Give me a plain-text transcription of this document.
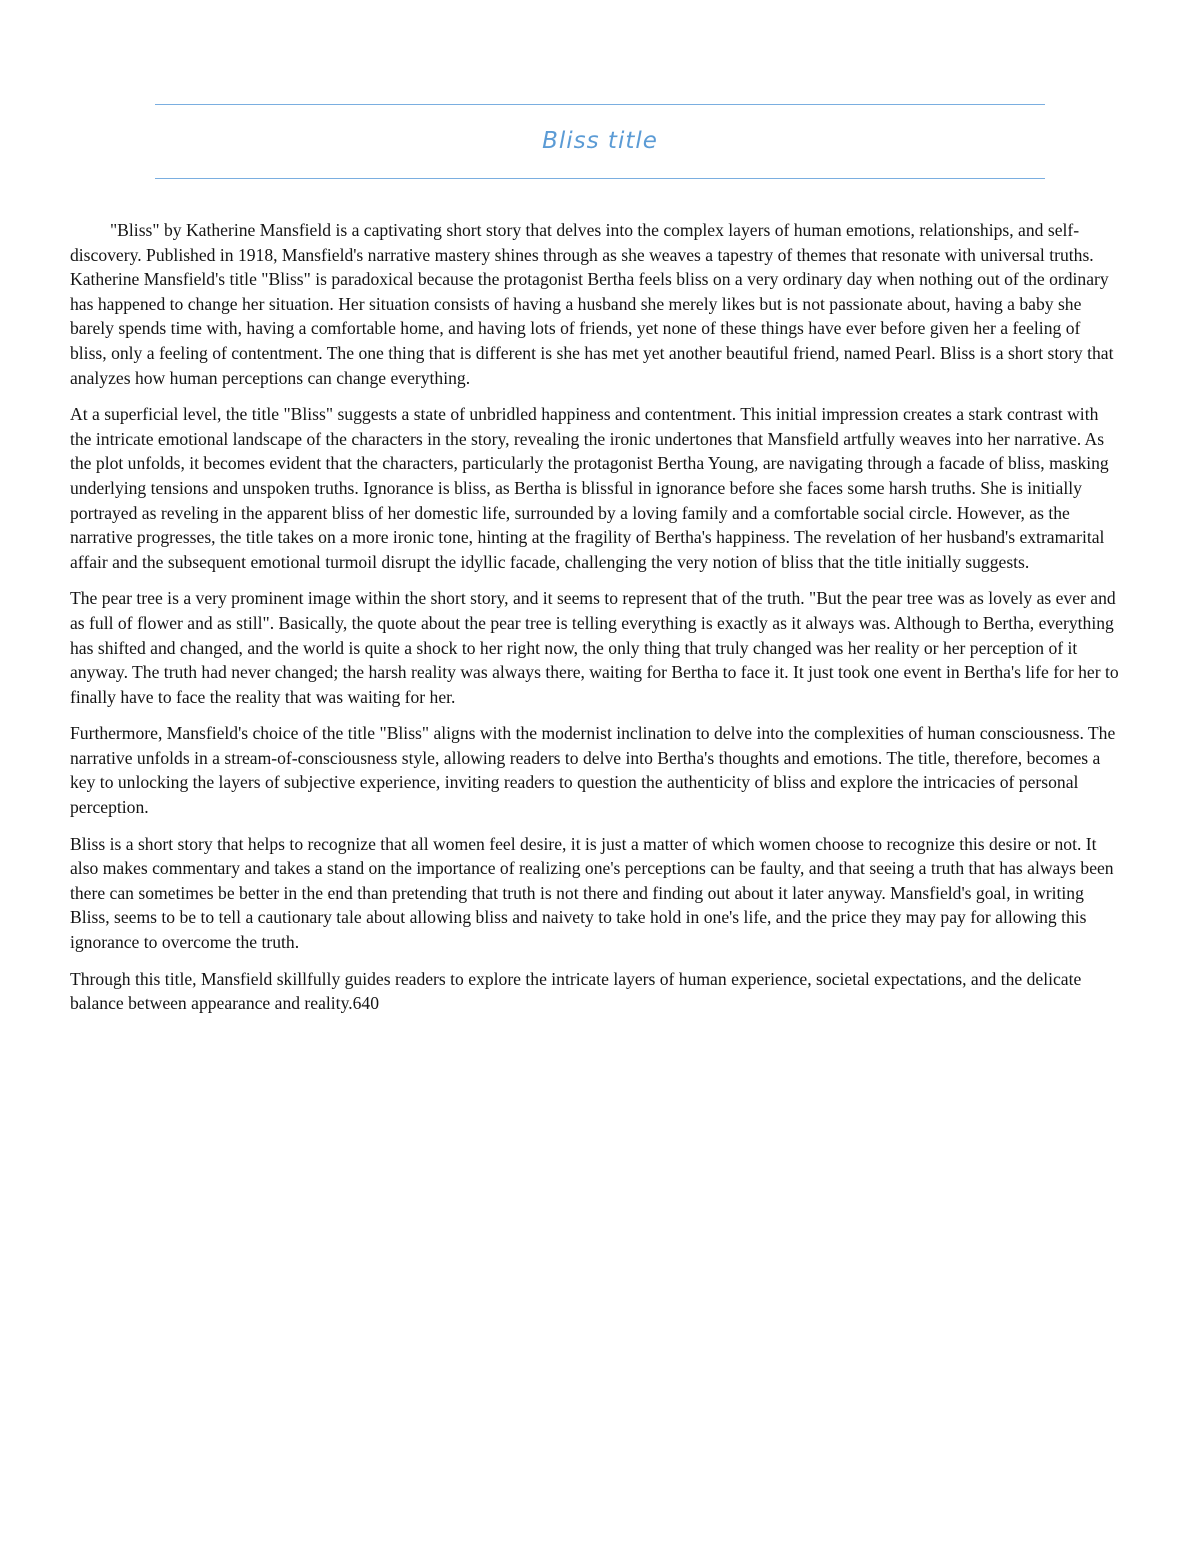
Bliss title

"Bliss" by Katherine Mansfield is a captivating short story that delves into the complex layers of human emotions, relationships, and self-discovery. Published in 1918, Mansfield's narrative mastery shines through as she weaves a tapestry of themes that resonate with universal truths. Katherine Mansfield's title "Bliss" is paradoxical because the protagonist Bertha feels bliss on a very ordinary day when nothing out of the ordinary has happened to change her situation. Her situation consists of having a husband she merely likes but is not passionate about, having a baby she barely spends time with, having a comfortable home, and having lots of friends, yet none of these things have ever before given her a feeling of bliss, only a feeling of contentment. The one thing that is different is she has met yet another beautiful friend, named Pearl. Bliss is a short story that analyzes how human perceptions can change everything.

At a superficial level, the title "Bliss" suggests a state of unbridled happiness and contentment. This initial impression creates a stark contrast with the intricate emotional landscape of the characters in the story, revealing the ironic undertones that Mansfield artfully weaves into her narrative. As the plot unfolds, it becomes evident that the characters, particularly the protagonist Bertha Young, are navigating through a facade of bliss, masking underlying tensions and unspoken truths. Ignorance is bliss, as Bertha is blissful in ignorance before she faces some harsh truths. She is initially portrayed as reveling in the apparent bliss of her domestic life, surrounded by a loving family and a comfortable social circle. However, as the narrative progresses, the title takes on a more ironic tone, hinting at the fragility of Bertha's happiness. The revelation of her husband's extramarital affair and the subsequent emotional turmoil disrupt the idyllic facade, challenging the very notion of bliss that the title initially suggests.

The pear tree is a very prominent image within the short story, and it seems to represent that of the truth. "But the pear tree was as lovely as ever and as full of flower and as still". Basically, the quote about the pear tree is telling everything is exactly as it always was. Although to Bertha, everything has shifted and changed, and the world is quite a shock to her right now, the only thing that truly changed was her reality or her perception of it anyway. The truth had never changed; the harsh reality was always there, waiting for Bertha to face it. It just took one event in Bertha's life for her to finally have to face the reality that was waiting for her.

Furthermore, Mansfield's choice of the title "Bliss" aligns with the modernist inclination to delve into the complexities of human consciousness. The narrative unfolds in a stream-of-consciousness style, allowing readers to delve into Bertha's thoughts and emotions. The title, therefore, becomes a key to unlocking the layers of subjective experience, inviting readers to question the authenticity of bliss and explore the intricacies of personal perception.

Bliss is a short story that helps to recognize that all women feel desire, it is just a matter of which women choose to recognize this desire or not. It also makes commentary and takes a stand on the importance of realizing one's perceptions can be faulty, and that seeing a truth that has always been there can sometimes be better in the end than pretending that truth is not there and finding out about it later anyway. Mansfield's goal, in writing Bliss, seems to be to tell a cautionary tale about allowing bliss and naivety to take hold in one's life, and the price they may pay for allowing this ignorance to overcome the truth.

Through this title, Mansfield skillfully guides readers to explore the intricate layers of human experience, societal expectations, and the delicate balance between appearance and reality.640
